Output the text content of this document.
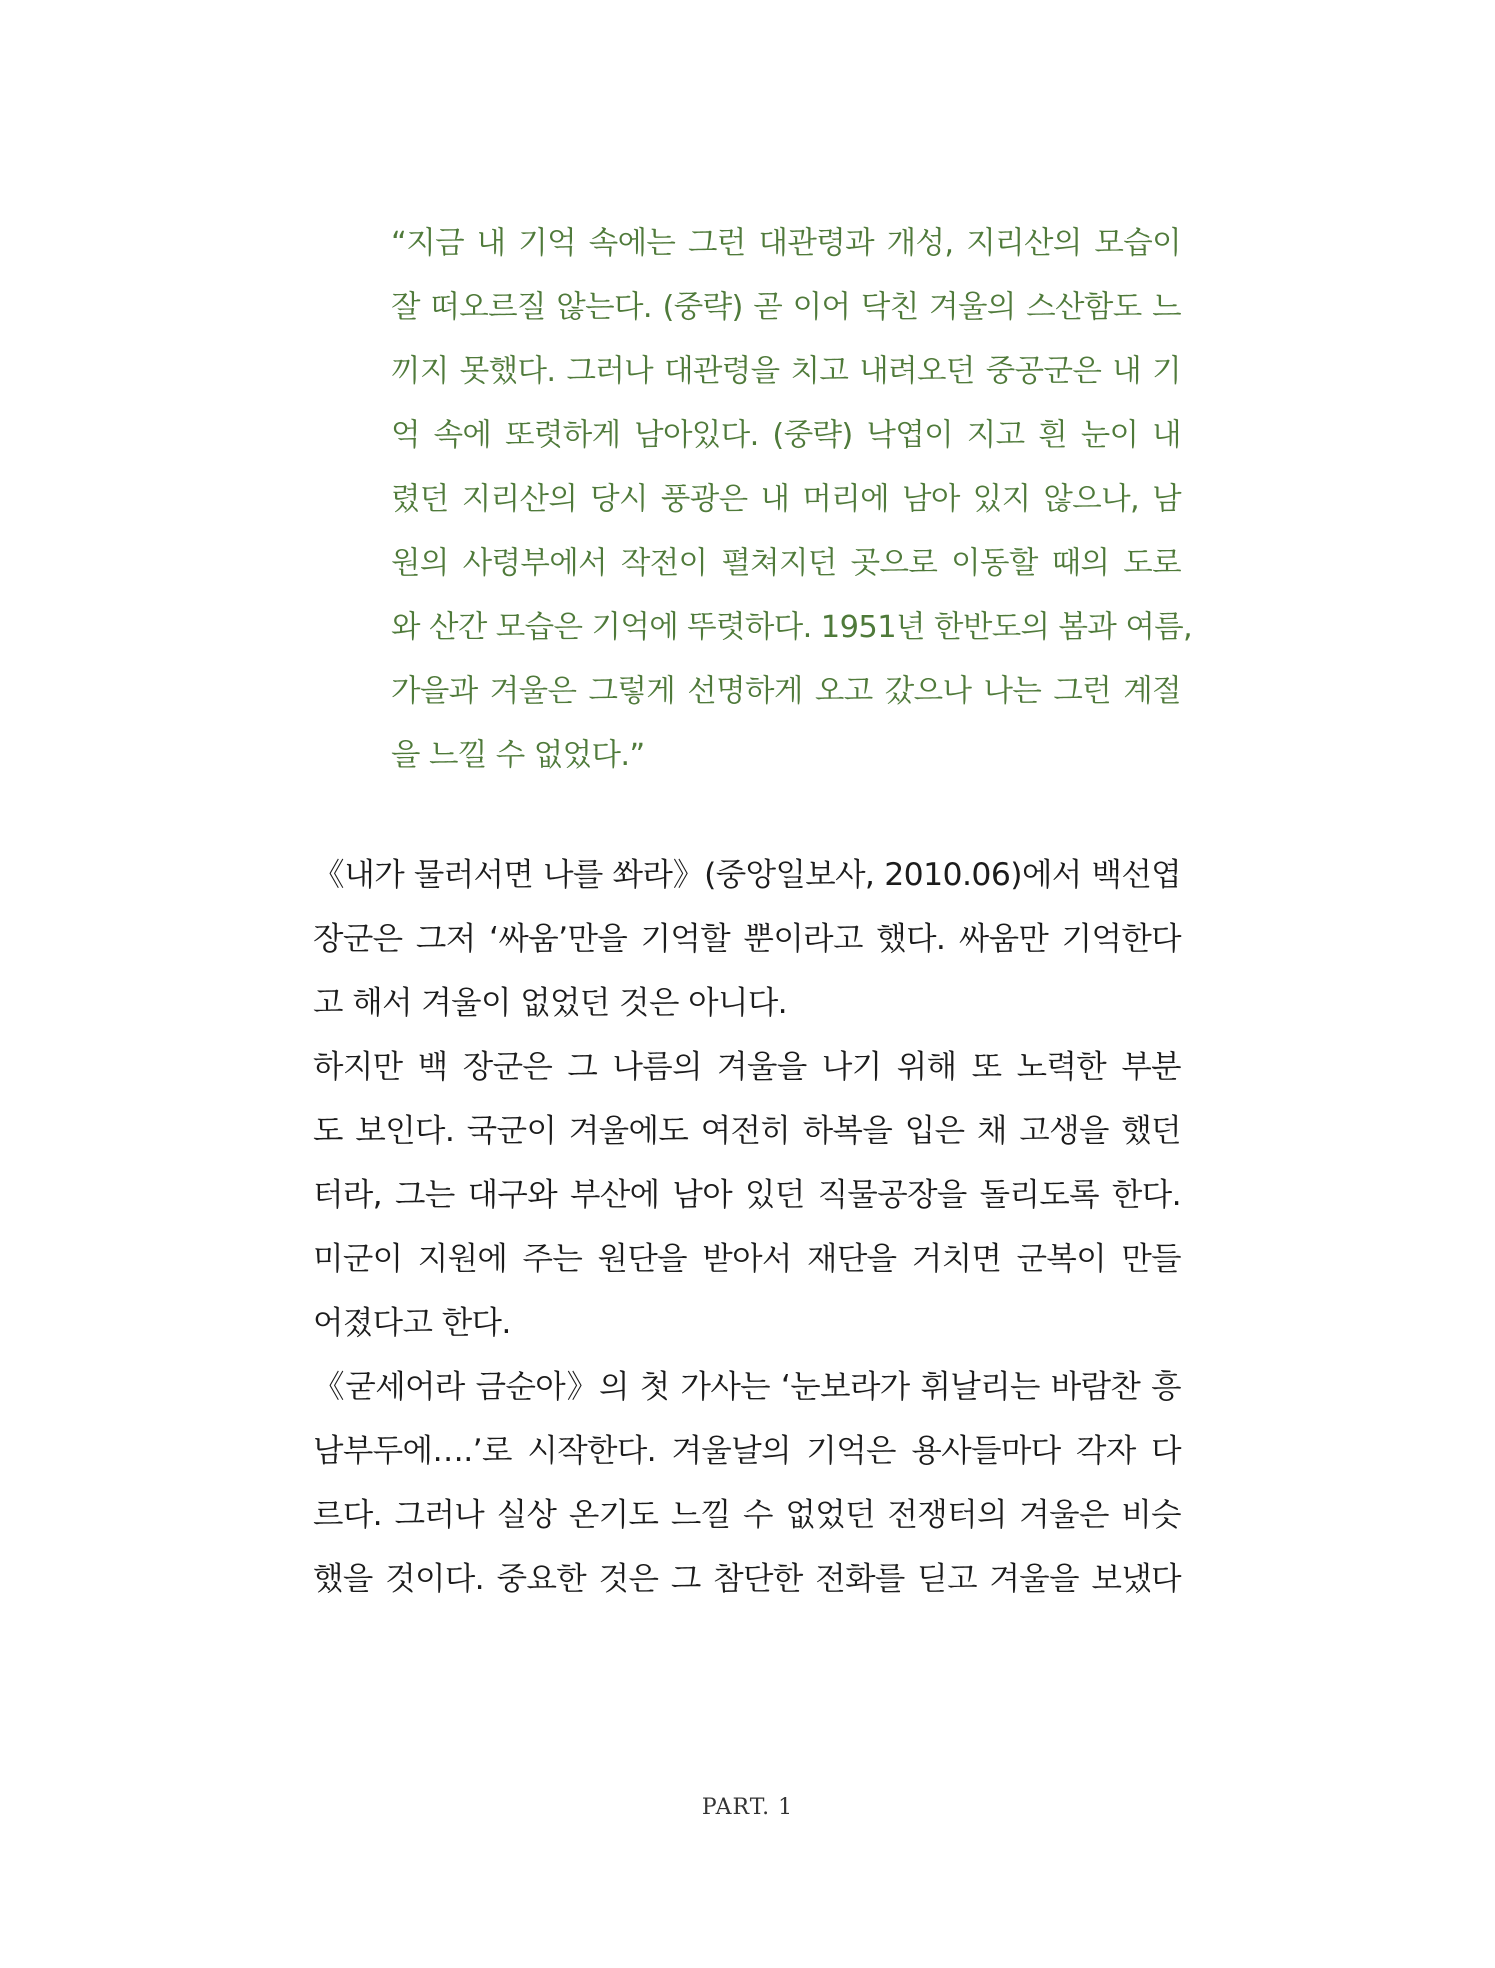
“지금 내 기억 속에는 그런 대관령과 개성, 지리산의 모습이
잘 떠오르질 않는다. (중략) 곧 이어 닥친 겨울의 스산함도 느
끼지 못했다. 그러나 대관령을 치고 내려오던 중공군은 내 기
억 속에 또렷하게 남아있다. (중략) 낙엽이 지고 흰 눈이 내
렸던 지리산의 당시 풍광은 내 머리에 남아 있지 않으나, 남
원의 사령부에서 작전이 펼쳐지던 곳으로 이동할 때의 도로
와 산간 모습은 기억에 뚜렷하다. 1951년 한반도의 봄과 여름,
가을과 겨울은 그렇게 선명하게 오고 갔으나 나는 그런 계절
을 느낄 수 없었다.”
《내가 물러서면 나를 쏴라》(중앙일보사, 2010.06)에서 백선엽
장군은 그저 ‘싸움’만을 기억할 뿐이라고 했다. 싸움만 기억한다
고 해서 겨울이 없었던 것은 아니다.
하지만 백 장군은 그 나름의 겨울을 나기 위해 또 노력한 부분
도 보인다. 국군이 겨울에도 여전히 하복을 입은 채 고생을 했던
터라, 그는 대구와 부산에 남아 있던 직물공장을 돌리도록 한다.
미군이 지원에 주는 원단을 받아서 재단을 거치면 군복이 만들
어졌다고 한다.
《굳세어라 금순아》의 첫 가사는 ‘눈보라가 휘날리는 바람찬 흥
남부두에….’로 시작한다. 겨울날의 기억은 용사들마다 각자 다
르다. 그러나 실상 온기도 느낄 수 없었던 전쟁터의 겨울은 비슷
했을 것이다. 중요한 것은 그 참단한 전화를 딛고 겨울을 보냈다
PART. 1
